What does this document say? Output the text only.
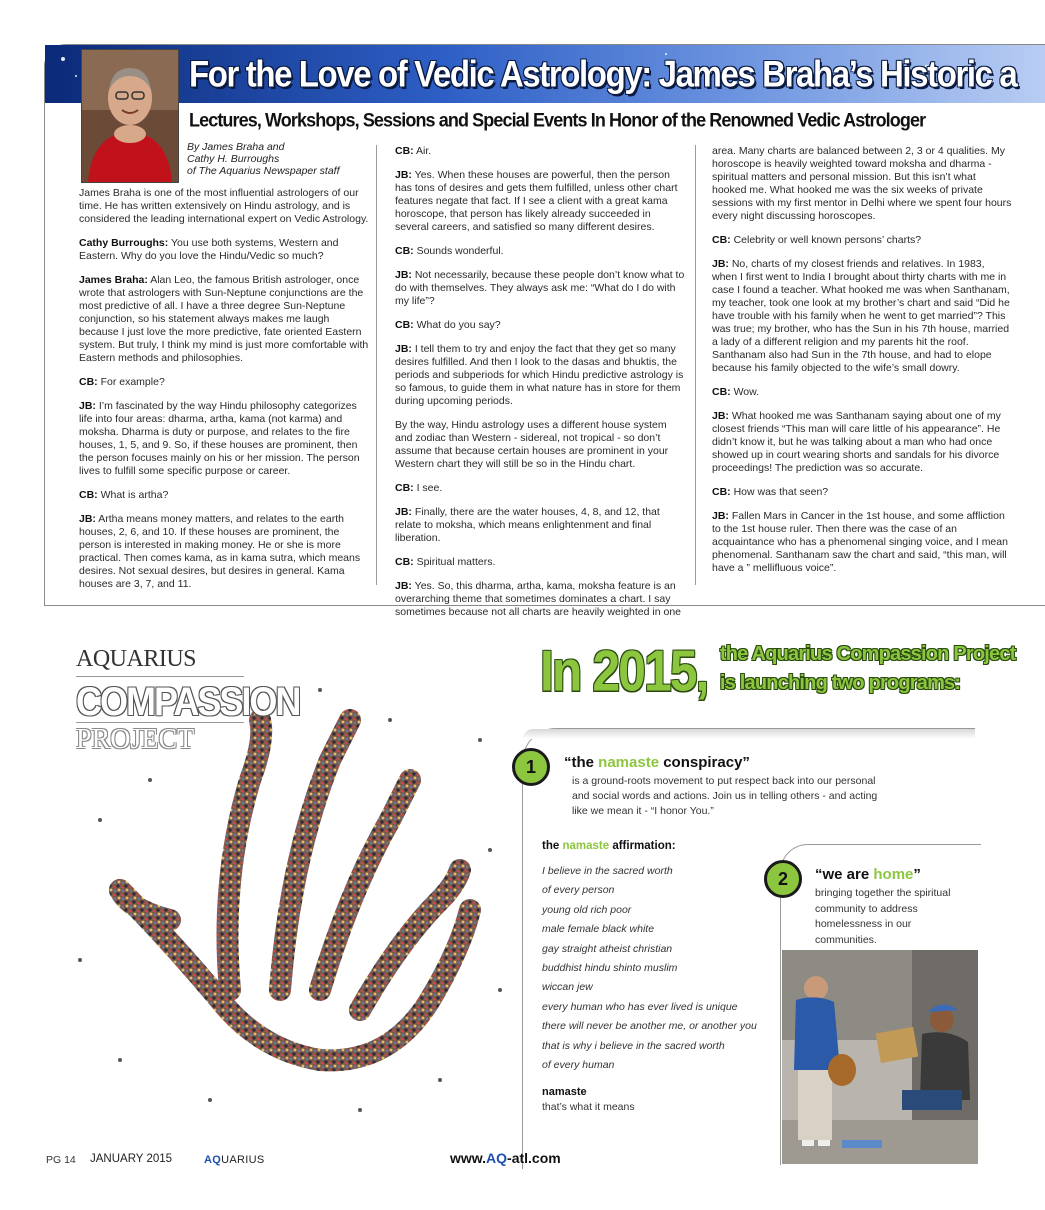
For the Love of Vedic Astrology: James Braha’s Historic a
Lectures, Workshops, Sessions and Special Events In Honor of the Renowned Vedic Astrologer
By James Braha and
Cathy H. Burroughs
of The Aquarius Newspaper staff

James Braha is one of the most influential astrologers of our time. He has written extensively on Hindu astrology, and is considered the leading international expert on Vedic Astrology.

Cathy Burroughs: You use both systems, Western and Eastern. Why do you love the Hindu/Vedic so much?

James Braha: Alan Leo, the famous British astrologer, once wrote that astrologers with Sun-Neptune conjunctions are the most predictive of all. I have a three degree Sun-Neptune conjunction, so his statement always makes me laugh because I just love the more predictive, fate oriented Eastern system. But truly, I think my mind is just more comfortable with Eastern methods and philosophies.

CB: For example?

JB: I’m fascinated by the way Hindu philosophy categorizes life into four areas: dharma, artha, kama (not karma) and moksha. Dharma is duty or purpose, and relates to the fire houses, 1, 5, and 9. So, if these houses are prominent, then the person focuses mainly on his or her mission. The person lives to fulfill some specific purpose or career.

CB: What is artha?

JB: Artha means money matters, and relates to the earth houses, 2, 6, and 10. If these houses are prominent, the person is interested in making money. He or she is more practical. Then comes kama, as in kama sutra, which means desires. Not sexual desires, but desires in general. Kama houses are 3, 7, and 11.

CB: Air.

JB: Yes. When these houses are powerful, then the person has tons of desires and gets them fulfilled, unless other chart features negate that fact. If I see a client with a great kama horoscope, that person has likely already succeeded in several careers, and satisfied so many different desires.

CB: Sounds wonderful.

JB: Not necessarily, because these people don’t know what to do with themselves. They always ask me: “What do I do with my life”?

CB: What do you say?

JB: I tell them to try and enjoy the fact that they get so many desires fulfilled. And then I look to the dasas and bhuktis, the periods and subperiods for which Hindu predictive astrology is so famous, to guide them in what nature has in store for them during upcoming periods.

By the way, Hindu astrology uses a different house system and zodiac than Western - sidereal, not tropical - so don’t assume that because certain houses are prominent in your Western chart they will still be so in the Hindu chart.

CB: I see.

JB: Finally, there are the water houses, 4, 8, and 12, that relate to moksha, which means enlightenment and final liberation.

CB: Spiritual matters.

JB: Yes. So, this dharma, artha, kama, moksha feature is an overarching theme that sometimes dominates a chart. I say sometimes because not all charts are heavily weighted in one

area. Many charts are balanced between 2, 3 or 4 qualities. My horoscope is heavily weighted toward moksha and dharma - spiritual matters and personal mission. But this isn’t what hooked me. What hooked me was the six weeks of private sessions with my first mentor in Delhi where we spent four hours every night discussing horoscopes.

CB: Celebrity or well known persons’ charts?

JB: No, charts of my closest friends and relatives. In 1983, when I first went to India I brought about thirty charts with me in case I found a teacher. What hooked me was when Santhanam, my teacher, took one look at my brother’s chart and said “Did he have trouble with his family when he went to get married”? This was true; my brother, who has the Sun in his 7th house, married a lady of a different religion and my parents hit the roof. Santhanam also had Sun in the 7th house, and had to elope because his family objected to the wife’s small dowry.

CB: Wow.

JB: What hooked me was Santhanam saying about one of my closest friends “This man will care little of his appearance”. He didn’t know it, but he was talking about a man who had once showed up in court wearing shorts and sandals for his divorce proceedings! The prediction was so accurate.

CB: How was that seen?

JB: Fallen Mars in Cancer in the 1st house, and some affliction to the 1st house ruler. Then there was the case of an acquaintance who has a phenomenal singing voice, and I mean phenomenal. Santhanam saw the chart and said, “this man, will have a ” mellifluous voice”.

AQUARIUS
COMPASSION
PROJECT
In 2015, the Aquarius Compassion Project
is launching two programs:
1	“the namaste conspiracy”
is a ground-roots movement to put respect back into our personal and social words and actions. Join us in telling others - and acting like we mean it - “I honor You.”
the namaste affirmation:
I believe in the sacred worth
of every person
young old rich poor
male female black white
gay straight atheist christian
buddhist hindu shinto muslim
wiccan jew
every human who has ever lived is unique
there will never be another me, or another you
that is why i believe in the sacred worth
of every human
namaste
that’s what it means
2	“we are home”
bringing together the spiritual community to address homelessness in our communities.
PG 14 JANUARY 2015	AQUARIUS	www.AQ-atl.com
